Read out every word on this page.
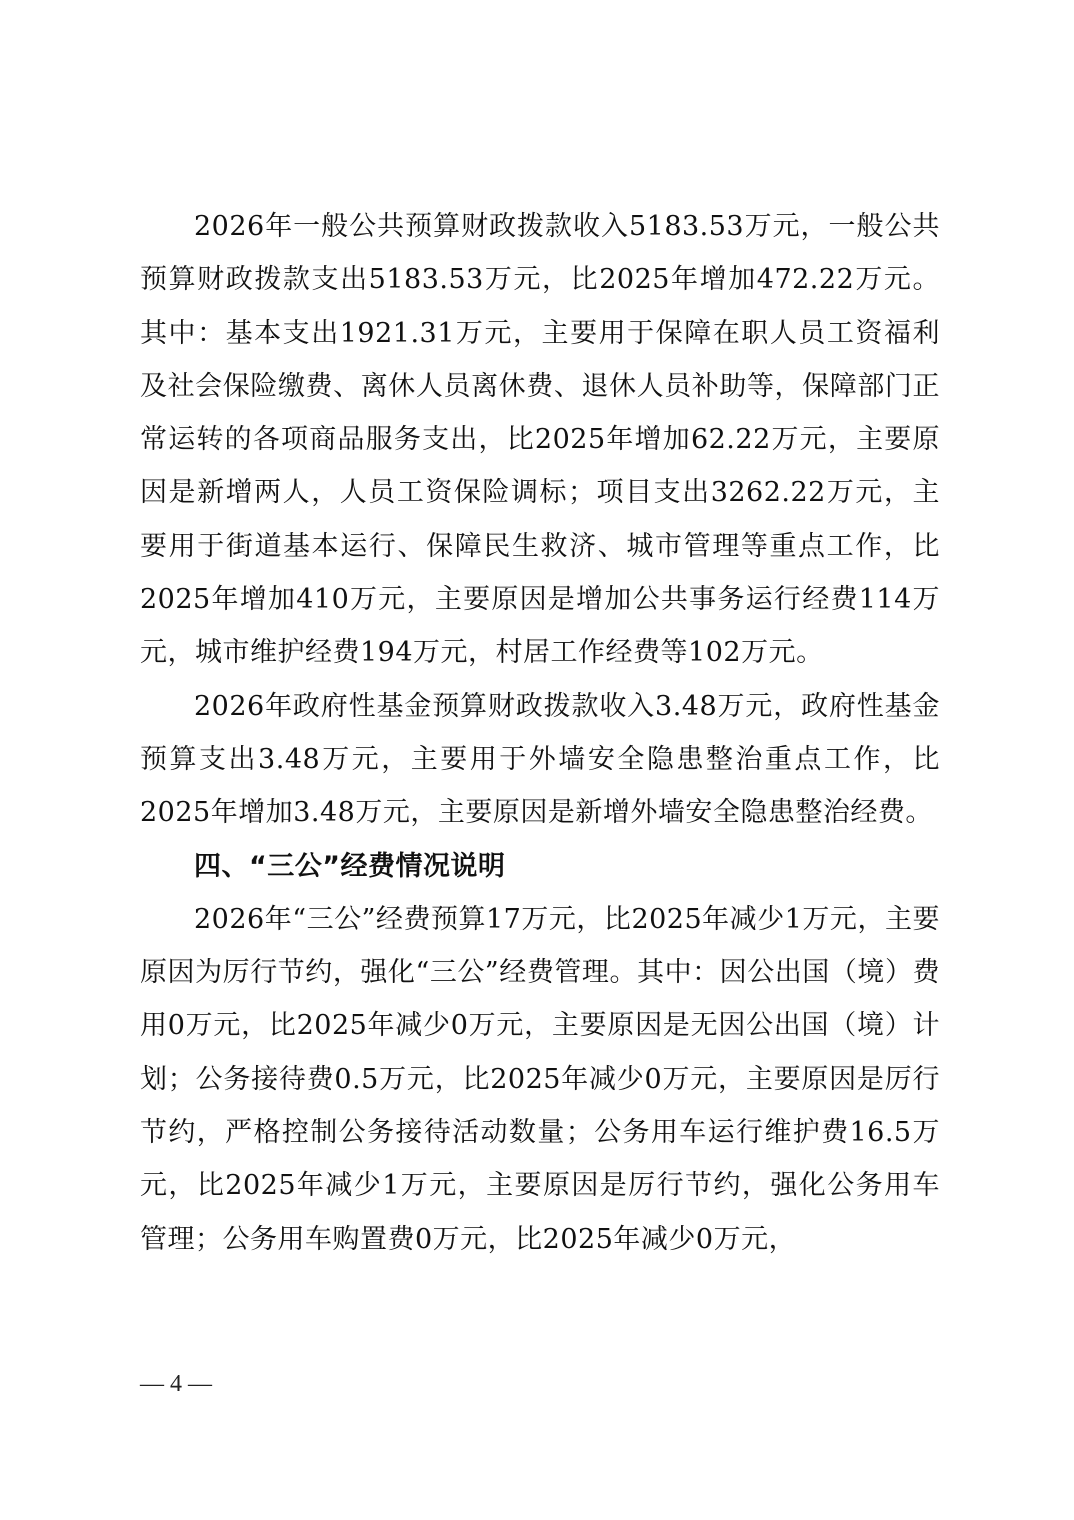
2026年一般公共预算财政拨款收入5183.53万元，一般公共预算财政拨款支出5183.53万元，比2025年增加472.22万元。其中：基本支出1921.31万元，主要用于保障在职人员工资福利及社会保险缴费、离休人员离休费、退休人员补助等，保障部门正常运转的各项商品服务支出，比2025年增加62.22万元，主要原因是新增两人，人员工资保险调标；项目支出3262.22万元，主要用于街道基本运行、保障民生救济、城市管理等重点工作，比2025年增加410万元，主要原因是增加公共事务运行经费114万元，城市维护经费194万元，村居工作经费等102万元。

2026年政府性基金预算财政拨款收入3.48万元，政府性基金预算支出3.48万元，主要用于外墙安全隐患整治重点工作，比2025年增加3.48万元，主要原因是新增外墙安全隐患整治经费。

四、“三公”经费情况说明

2026年“三公”经费预算17万元，比2025年减少1万元，主要原因为厉行节约，强化“三公”经费管理。其中：因公出国（境）费用0万元，比2025年减少0万元，主要原因是无因公出国（境）计划；公务接待费0.5万元，比2025年减少0万元，主要原因是厉行节约，严格控制公务接待活动数量；公务用车运行维护费16.5万元，比2025年减少1万元，主要原因是厉行节约，强化公务用车管理；公务用车购置费0万元，比2025年减少0万元，

— 4 —
